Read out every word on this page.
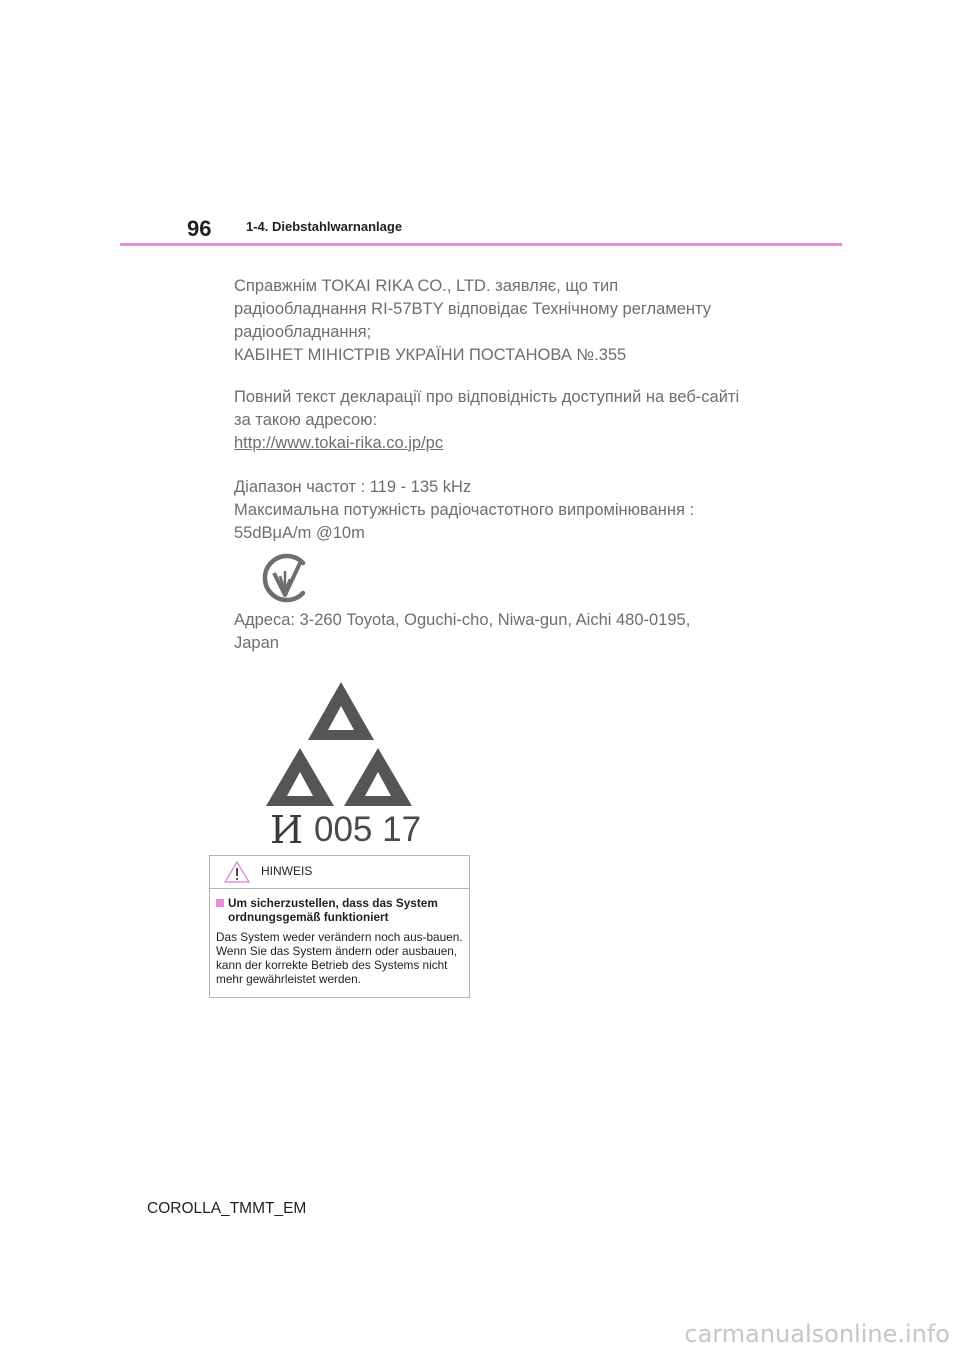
96	1-4. Diebstahlwarnanlage

Справжнім TOKAI RIKA CO., LTD. заявляє, що тип

радіообладнання RI-57BTY відповідає Технічному регламенту

радіообладнання;

КАБІНЕТ МІНІСТРІВ УКРАЇНИ ПОСТАНОВА №.355

Повний текст декларації про відповідність доступний на веб-сайті

за такою адресою:

http://www.tokai-rika.co.jp/pc

Діапазон частот : 119 - 135 kHz

Максимальна потужність радіочастотного випромінювання :

55dBμA/m @10m

Адреса: 3-260 Toyota, Oguchi-cho, Niwa-gun, Aichi 480-0195,

Japan

И 005 17
HINWEIS
Um sicherzustellen, dass das System ordnungsgemäß funktioniert
Das System weder verändern noch aus-bauen. Wenn Sie das System ändern oder ausbauen, kann der korrekte Betrieb des Systems nicht mehr gewährleistet werden.
COROLLA_TMMT_EM
carmanualsonline.info
